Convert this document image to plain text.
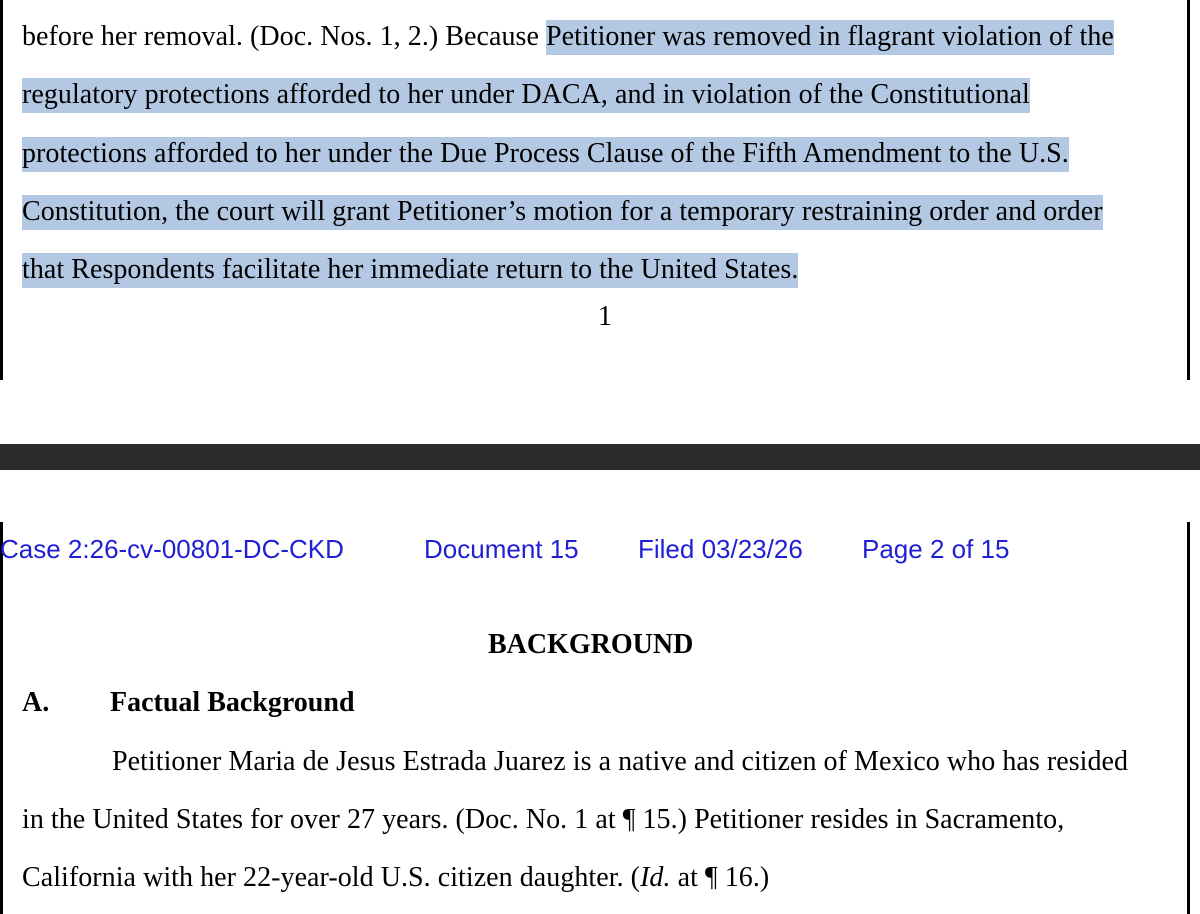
before her removal. (Doc. Nos. 1, 2.) Because Petitioner was removed in flagrant violation of the
regulatory protections afforded to her under DACA, and in violation of the Constitutional
protections afforded to her under the Due Process Clause of the Fifth Amendment to the U.S.
Constitution, the court will grant Petitioner’s motion for a temporary restraining order and order
that Respondents facilitate her immediate return to the United States.
1
Case 2:26-cv-00801-DC-CKD	Document 15 Filed 03/23/26 Page 2 of 15
BACKGROUND
A. Factual Background
Petitioner Maria de Jesus Estrada Juarez is a native and citizen of Mexico who has resided
in the United States for over 27 years. (Doc. No. 1 at ¶ 15.) Petitioner resides in Sacramento,
California with her 22-year-old U.S. citizen daughter. (Id. at ¶ 16.)
